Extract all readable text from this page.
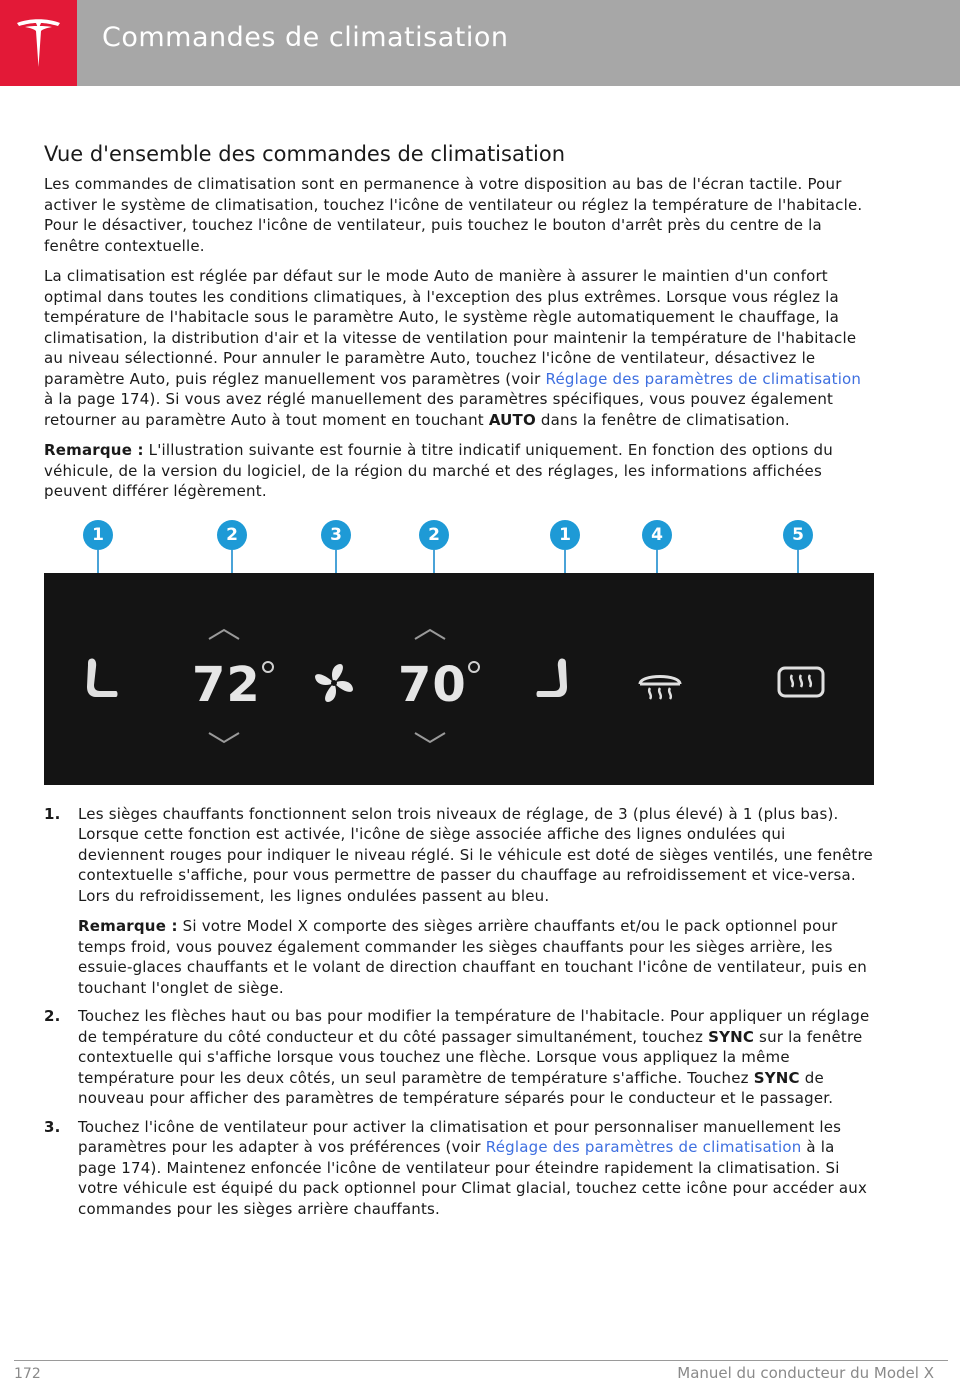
Commandes de climatisation
Vue d'ensemble des commandes de climatisation

Les commandes de climatisation sont en permanence à votre disposition au bas de l'écran tactile. Pour activer le système de climatisation, touchez l'icône de ventilateur ou réglez la température de l'habitacle. Pour le désactiver, touchez l'icône de ventilateur, puis touchez le bouton d'arrêt près du centre de la fenêtre contextuelle.

La climatisation est réglée par défaut sur le mode Auto de manière à assurer le maintien d'un confort optimal dans toutes les conditions climatiques, à l'exception des plus extrêmes. Lorsque vous réglez la température de l'habitacle sous le paramètre Auto, le système règle automatiquement le chauffage, la climatisation, la distribution d'air et la vitesse de ventilation pour maintenir la température de l'habitacle au niveau sélectionné. Pour annuler le paramètre Auto, touchez l'icône de ventilateur, désactivez le paramètre Auto, puis réglez manuellement vos paramètres (voir Réglage des paramètres de climatisation à la page 174). Si vous avez réglé manuellement des paramètres spécifiques, vous pouvez également retourner au paramètre Auto à tout moment en touchant AUTO dans la fenêtre de climatisation.

Remarque : L'illustration suivante est fournie à titre indicatif uniquement. En fonction des options du véhicule, de la version du logiciel, de la région du marché et des réglages, les informations affichées peuvent différer légèrement.

1	2	3	2	1	4	5
72	70
1. Les sièges chauffants fonctionnent selon trois niveaux de réglage, de 3 (plus élevé) à 1 (plus bas). Lorsque cette fonction est activée, l'icône de siège associée affiche des lignes ondulées qui deviennent rouges pour indiquer le niveau réglé. Si le véhicule est doté de sièges ventilés, une fenêtre contextuelle s'affiche, pour vous permettre de passer du chauffage au refroidissement et vice-versa. Lors du refroidissement, les lignes ondulées passent au bleu.

Remarque : Si votre Model X comporte des sièges arrière chauffants et/ou le pack optionnel pour temps froid, vous pouvez également commander les sièges chauffants pour les sièges arrière, les essuie-glaces chauffants et le volant de direction chauffant en touchant l'icône de ventilateur, puis en touchant l'onglet de siège.

2. Touchez les flèches haut ou bas pour modifier la température de l'habitacle. Pour appliquer un réglage de température du côté conducteur et du côté passager simultanément, touchez SYNC sur la fenêtre contextuelle qui s'affiche lorsque vous touchez une flèche. Lorsque vous appliquez la même température pour les deux côtés, un seul paramètre de température s'affiche. Touchez SYNC de nouveau pour afficher des paramètres de température séparés pour le conducteur et le passager.
3. Touchez l'icône de ventilateur pour activer la climatisation et pour personnaliser manuellement les paramètres pour les adapter à vos préférences (voir Réglage des paramètres de climatisation à la page 174). Maintenez enfoncée l'icône de ventilateur pour éteindre rapidement la climatisation. Si votre véhicule est équipé du pack optionnel pour Climat glacial, touchez cette icône pour accéder aux commandes pour les sièges arrière chauffants.
172	Manuel du conducteur du Model X
